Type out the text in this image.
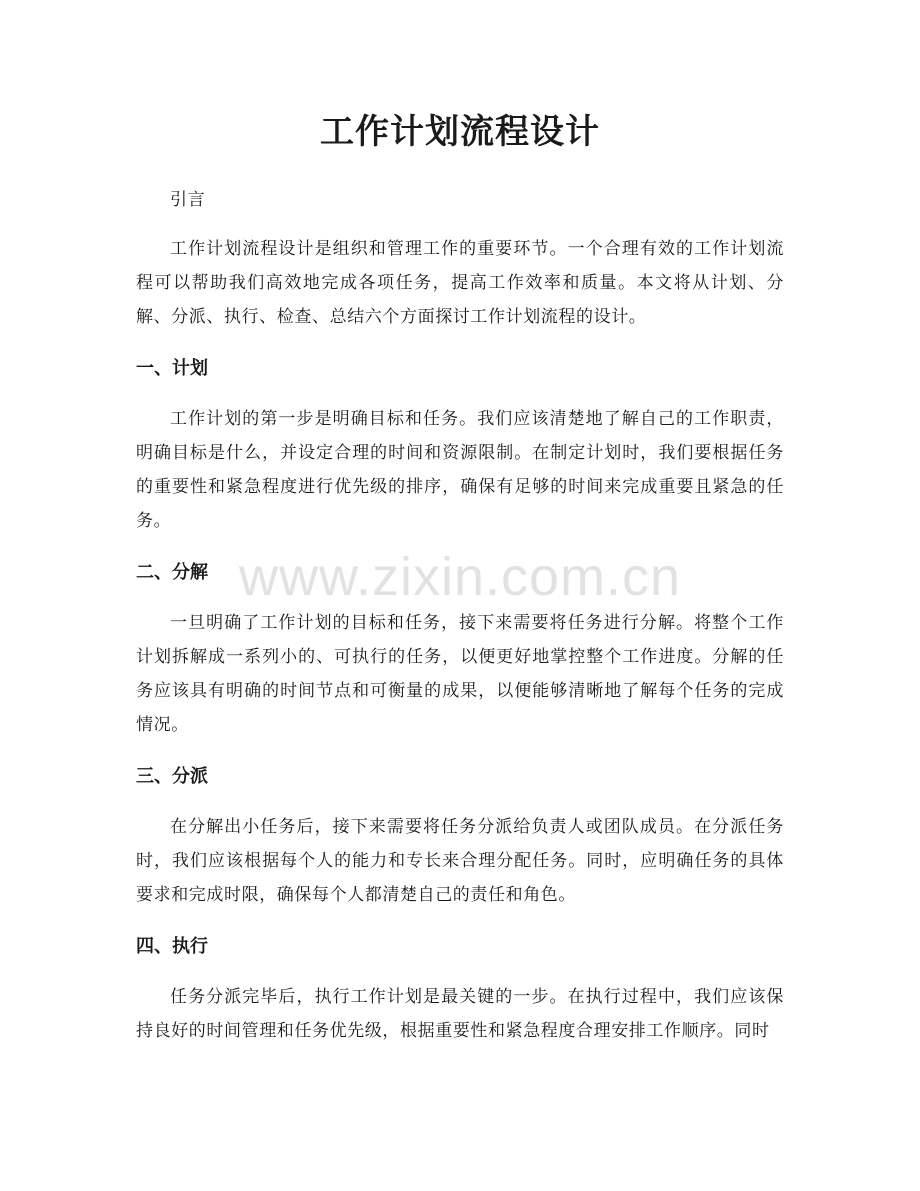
工作计划流程设计

引言

工作计划流程设计是组织和管理工作的重要环节。一个合理有效的工作计划流程可以帮助我们高效地完成各项任务，提高工作效率和质量。本文将从计划、分解、分派、执行、检查、总结六个方面探讨工作计划流程的设计。

一、计划

工作计划的第一步是明确目标和任务。我们应该清楚地了解自己的工作职责，明确目标是什么，并设定合理的时间和资源限制。在制定计划时，我们要根据任务的重要性和紧急程度进行优先级的排序，确保有足够的时间来完成重要且紧急的任务。

二、分解

一旦明确了工作计划的目标和任务，接下来需要将任务进行分解。将整个工作计划拆解成一系列小的、可执行的任务，以便更好地掌控整个工作进度。分解的任务应该具有明确的时间节点和可衡量的成果，以便能够清晰地了解每个任务的完成情况。

三、分派

在分解出小任务后，接下来需要将任务分派给负责人或团队成员。在分派任务时，我们应该根据每个人的能力和专长来合理分配任务。同时，应明确任务的具体要求和完成时限，确保每个人都清楚自己的责任和角色。

四、执行

任务分派完毕后，执行工作计划是最关键的一步。在执行过程中，我们应该保持良好的时间管理和任务优先级，根据重要性和紧急程度合理安排工作顺序。同时

www.zixin.com.cn
